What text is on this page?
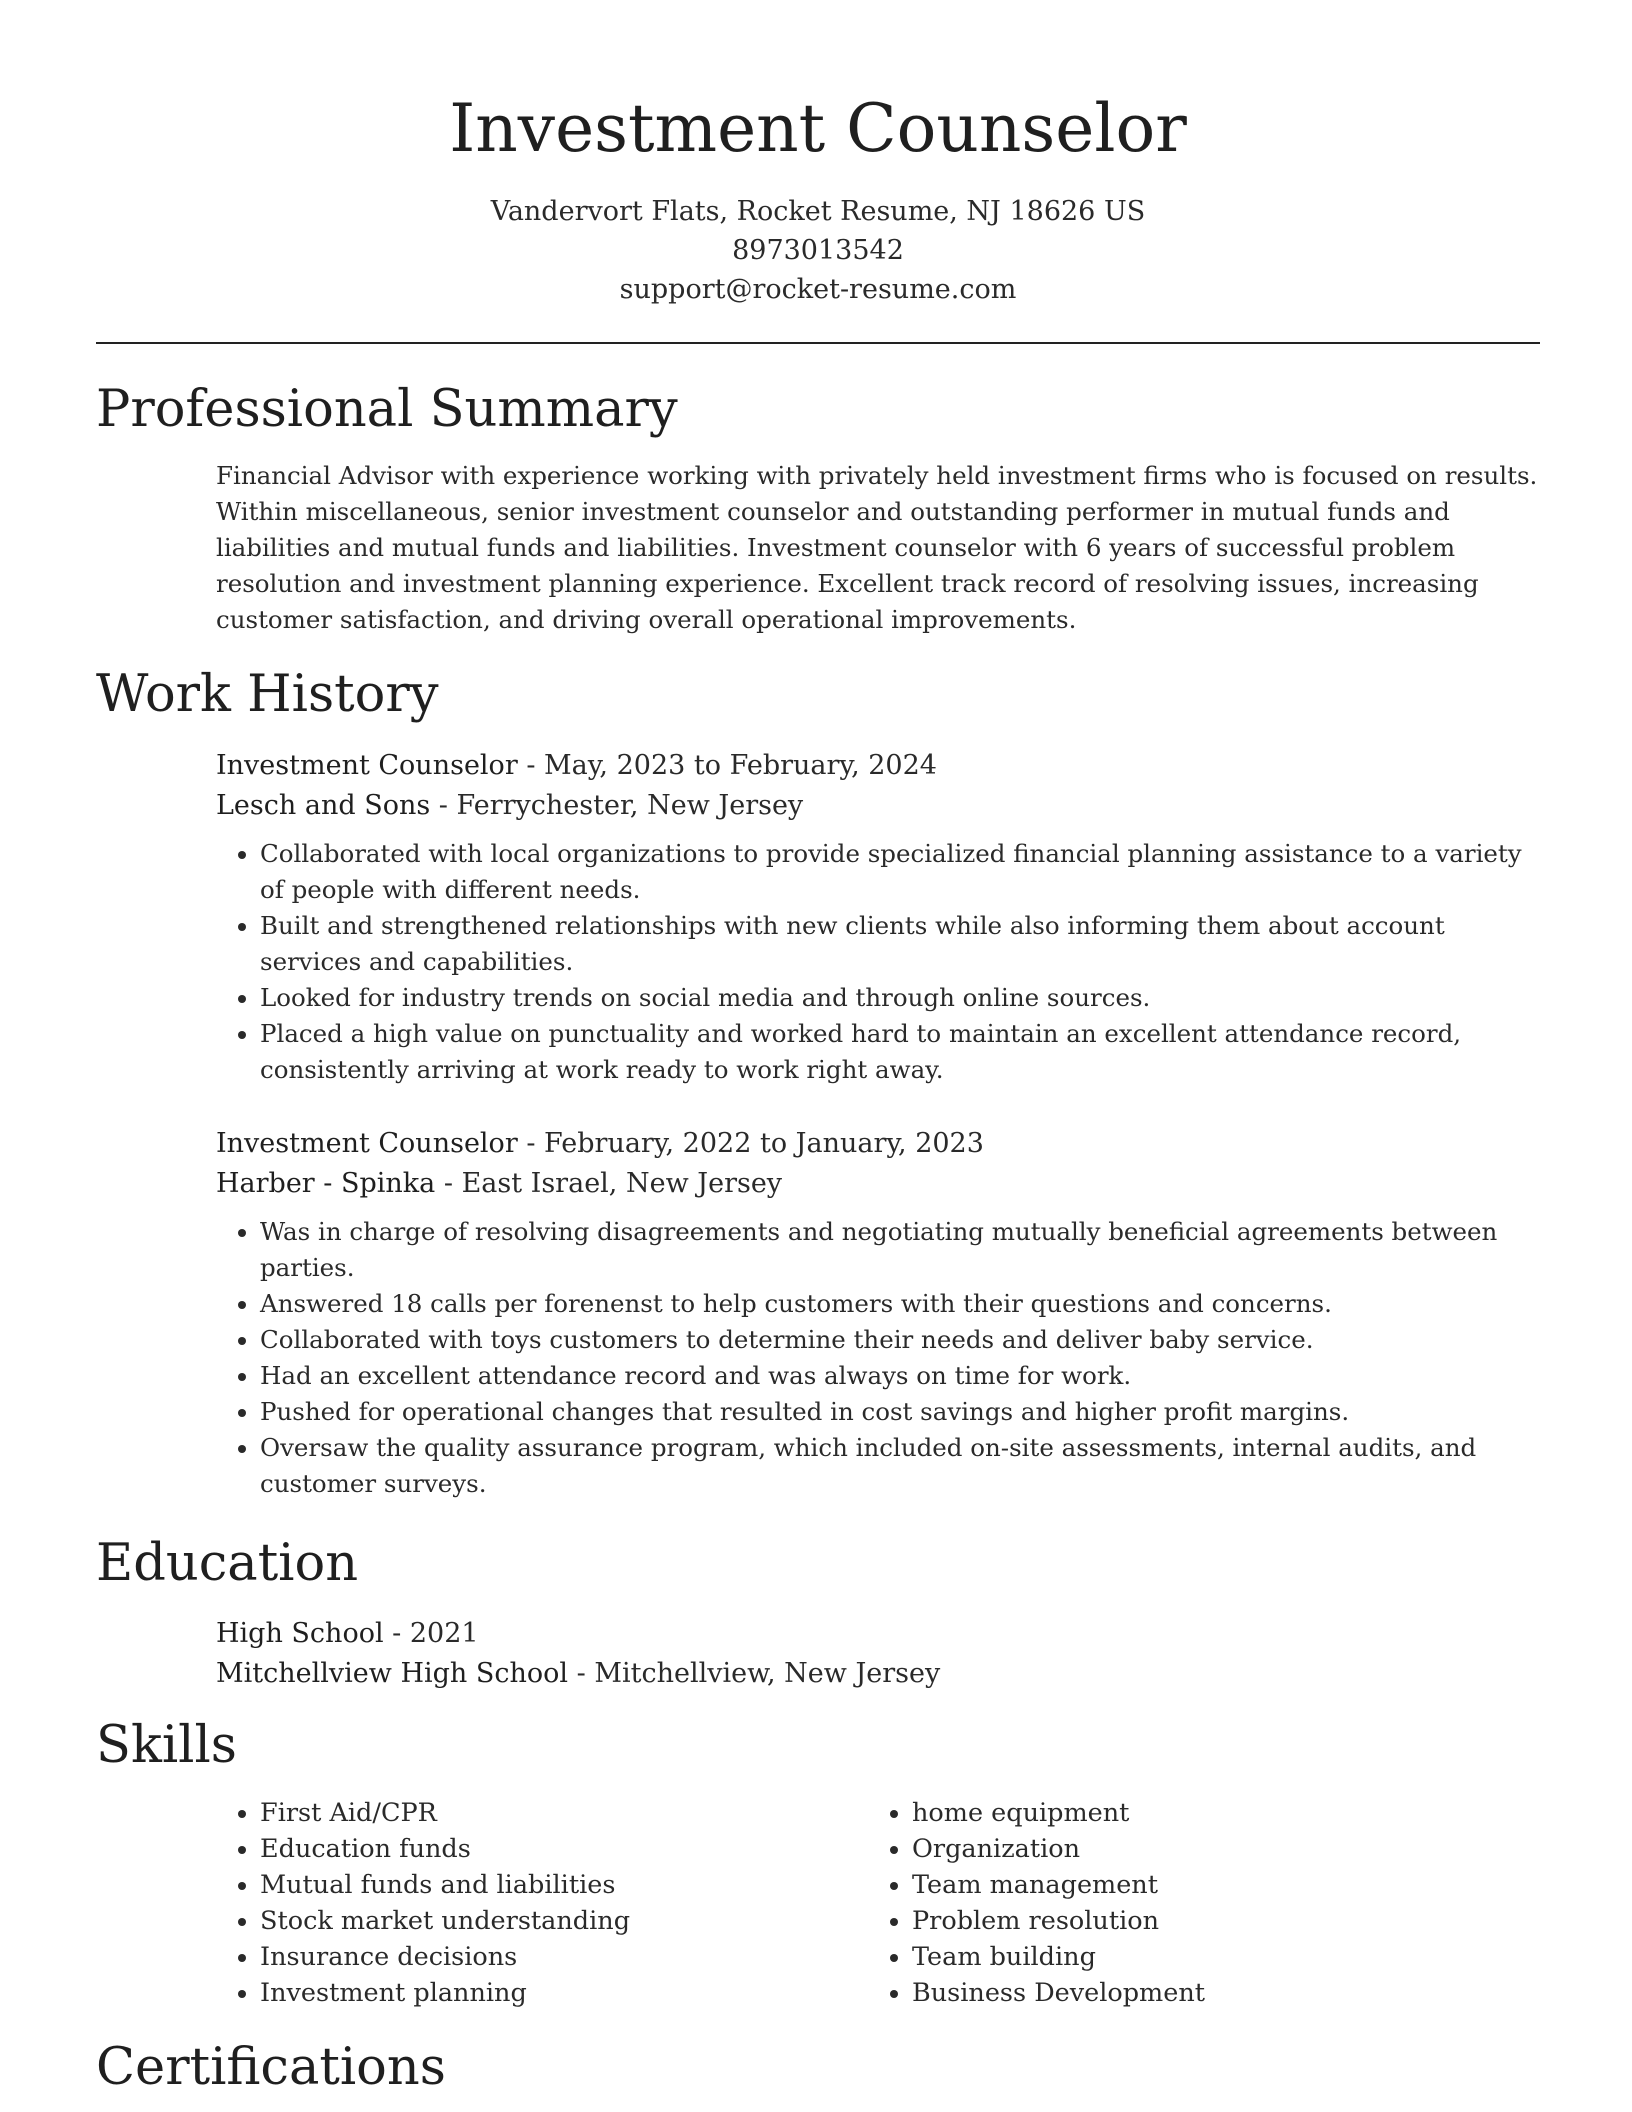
Investment Counselor
Vandervort Flats, Rocket Resume, NJ 18626 US
8973013542
support@rocket-resume.com
Professional Summary

Financial Advisor with experience working with privately held investment firms who is focused on results. Within miscellaneous, senior investment counselor and outstanding performer in mutual funds and liabilities and mutual funds and liabilities. Investment counselor with 6 years of successful problem resolution and investment planning experience. Excellent track record of resolving issues, increasing customer satisfaction, and driving overall operational improvements.

Work History
Investment Counselor - May, 2023 to February, 2024
Lesch and Sons - Ferrychester, New Jersey
• Collaborated with local organizations to provide specialized financial planning assistance to a variety of people with different needs.
• Built and strengthened relationships with new clients while also informing them about account services and capabilities.
• Looked for industry trends on social media and through online sources.
• Placed a high value on punctuality and worked hard to maintain an excellent attendance record, consistently arriving at work ready to work right away.
Investment Counselor - February, 2022 to January, 2023
Harber - Spinka - East Israel, New Jersey
• Was in charge of resolving disagreements and negotiating mutually beneficial agreements between parties.
• Answered 18 calls per forenenst to help customers with their questions and concerns.
• Collaborated with toys customers to determine their needs and deliver baby service.
• Had an excellent attendance record and was always on time for work.
• Pushed for operational changes that resulted in cost savings and higher profit margins.
• Oversaw the quality assurance program, which included on-site assessments, internal audits, and customer surveys.
Education
High School - 2021
Mitchellview High School - Mitchellview, New Jersey
Skills
• First Aid/CPR
• Education funds
• Mutual funds and liabilities
• Stock market understanding
• Insurance decisions
• Investment planning
• home equipment
• Organization
• Team management
• Problem resolution
• Team building
• Business Development
Certifications
